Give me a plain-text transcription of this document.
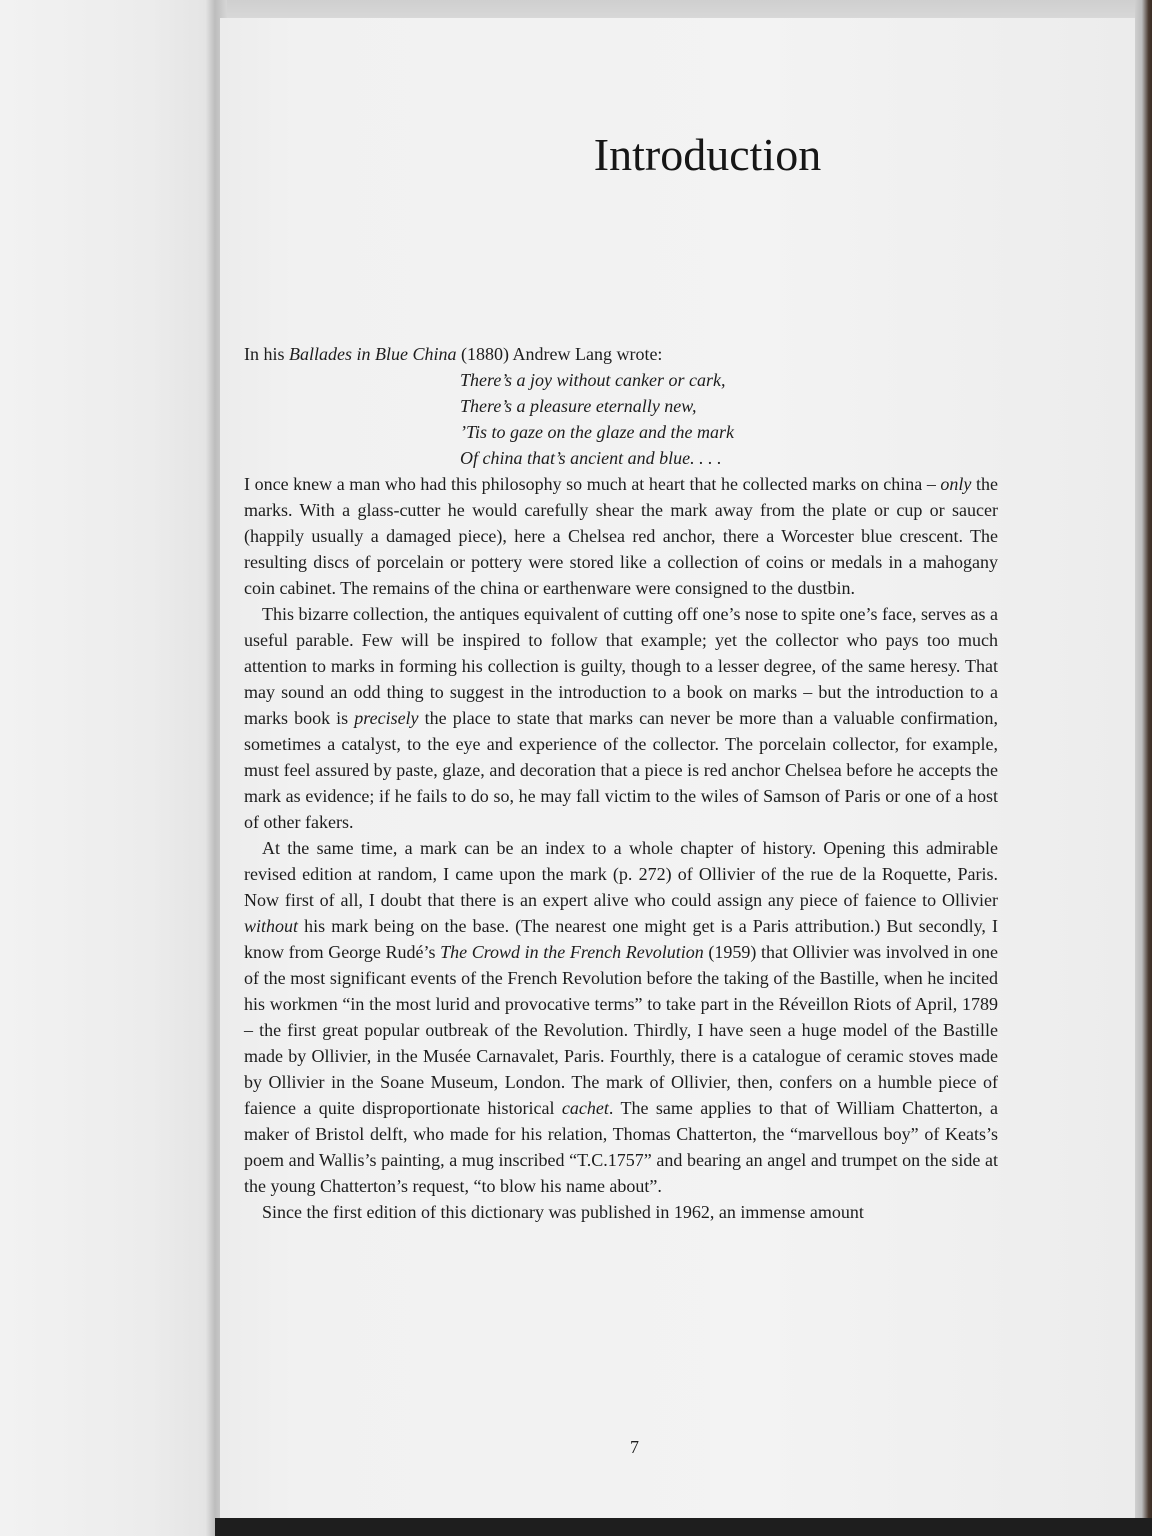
Introduction

In his Ballades in Blue China (1880) Andrew Lang wrote:

There’s a joy without canker or cark,
There’s a pleasure eternally new,
’Tis to gaze on the glaze and the mark
Of china that’s ancient and blue. . . .

I once knew a man who had this philosophy so much at heart that he collected marks on china – only the marks. With a glass-cutter he would carefully shear the mark away from the plate or cup or saucer (happily usually a damaged piece), here a Chelsea red anchor, there a Worcester blue crescent. The resulting discs of porcelain or pottery were stored like a collection of coins or medals in a mahogany coin cabinet. The remains of the china or earthenware were consigned to the dustbin.

This bizarre collection, the antiques equivalent of cutting off one’s nose to spite one’s face, serves as a useful parable. Few will be inspired to follow that example; yet the collector who pays too much attention to marks in forming his collection is guilty, though to a lesser degree, of the same heresy. That may sound an odd thing to suggest in the introduction to a book on marks – but the introduction to a marks book is precisely the place to state that marks can never be more than a valuable confirmation, sometimes a catalyst, to the eye and experience of the collector. The porcelain collector, for example, must feel assured by paste, glaze, and decoration that a piece is red anchor Chelsea before he accepts the mark as evidence; if he fails to do so, he may fall victim to the wiles of Samson of Paris or one of a host of other fakers.

At the same time, a mark can be an index to a whole chapter of history. Opening this admirable revised edition at random, I came upon the mark (p. 272) of Ollivier of the rue de la Roquette, Paris. Now first of all, I doubt that there is an expert alive who could assign any piece of faience to Ollivier without his mark being on the base. (The nearest one might get is a Paris attribution.) But secondly, I know from George Rudé’s The Crowd in the French Revolution (1959) that Ollivier was involved in one of the most significant events of the French Revolution before the taking of the Bastille, when he incited his workmen “in the most lurid and provocative terms” to take part in the Réveillon Riots of April, 1789 – the first great popular outbreak of the Revolution. Thirdly, I have seen a huge model of the Bastille made by Ollivier, in the Musée Carnavalet, Paris. Fourthly, there is a catalogue of ceramic stoves made by Ollivier in the Soane Museum, London. The mark of Ollivier, then, confers on a humble piece of faience a quite disproportionate historical cachet. The same applies to that of William Chatterton, a maker of Bristol delft, who made for his relation, Thomas Chatterton, the “marvellous boy” of Keats’s poem and Wallis’s painting, a mug inscribed “T.C.1757” and bearing an angel and trumpet on the side at the young Chatterton’s request, “to blow his name about”.

Since the first edition of this dictionary was published in 1962, an immense amount

7
